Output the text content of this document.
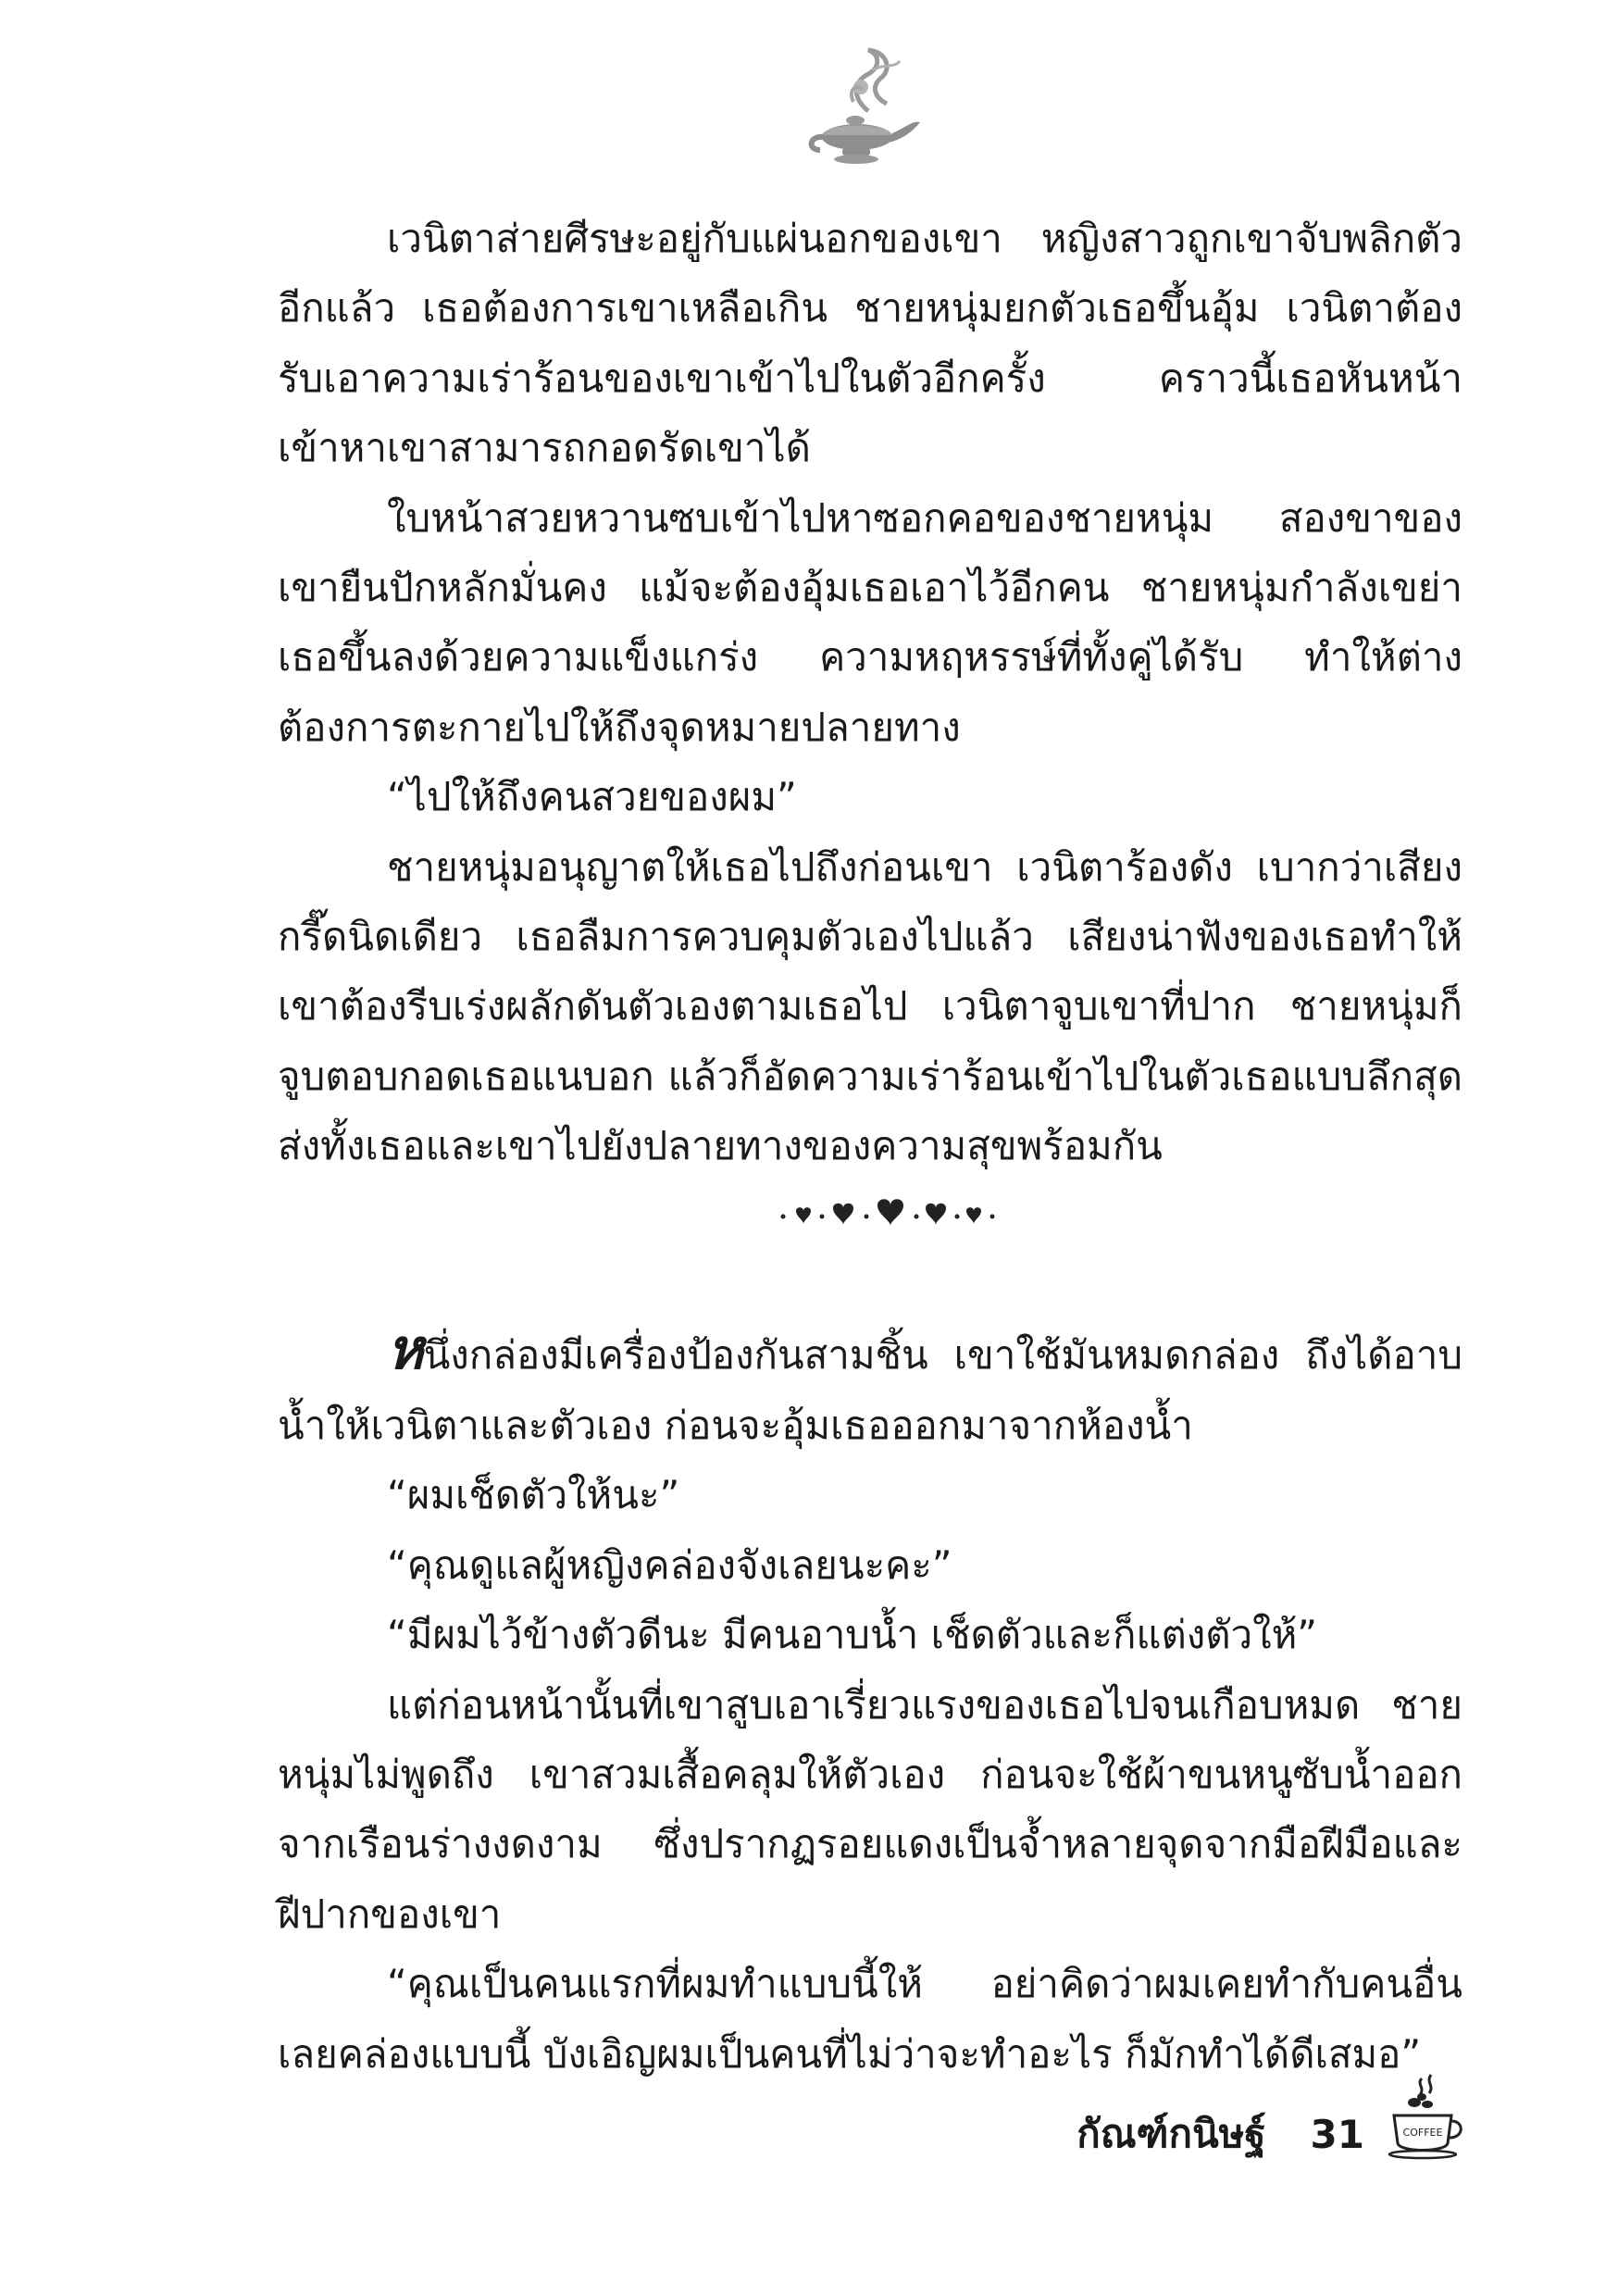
เวนิตาส่ายศีรษะอยู่กับแผ่นอกของเขา หญิงสาวถูกเขาจับพลิกตัวอีกแล้ว เธอต้องการเขาเหลือเกิน ชายหนุ่มยกตัวเธอขึ้นอุ้ม เวนิตาต้องรับเอาความเร่าร้อนของเขาเข้าไปในตัวอีกครั้ง คราวนี้เธอหันหน้าเข้าหาเขาสามารถกอดรัดเขาได้

ใบหน้าสวยหวานซบเข้าไปหาซอกคอของชายหนุ่ม สองขาของเขายืนปักหลักมั่นคง แม้จะต้องอุ้มเธอเอาไว้อีกคน ชายหนุ่มกำลังเขย่าเธอขึ้นลงด้วยความแข็งแกร่ง ความหฤหรรษ์ที่ทั้งคู่ได้รับ ทำให้ต่างต้องการตะกายไปให้ถึงจุดหมายปลายทาง

“ไปให้ถึงคนสวยของผม”

ชายหนุ่มอนุญาตให้เธอไปถึงก่อนเขา เวนิตาร้องดัง เบากว่าเสียงกรี๊ดนิดเดียว เธอลืมการควบคุมตัวเองไปแล้ว เสียงน่าฟังของเธอทำให้เขาต้องรีบเร่งผลักดันตัวเองตามเธอไป เวนิตาจูบเขาที่ปาก ชายหนุ่มก็จูบตอบกอดเธอแนบอก แล้วก็อัดความเร่าร้อนเข้าไปในตัวเธอแบบลึกสุด ส่งทั้งเธอและเขาไปยังปลายทางของความสุขพร้อมกัน

หนึ่งกล่องมีเครื่องป้องกันสามชิ้น เขาใช้มันหมดกล่อง ถึงได้อาบน้ำให้เวนิตาและตัวเอง ก่อนจะอุ้มเธอออกมาจากห้องน้ำ

“ผมเช็ดตัวให้นะ”

“คุณดูแลผู้หญิงคล่องจังเลยนะคะ”

“มีผมไว้ข้างตัวดีนะ มีคนอาบน้ำ เช็ดตัวและก็แต่งตัวให้”

แต่ก่อนหน้านั้นที่เขาสูบเอาเรี่ยวแรงของเธอไปจนเกือบหมด ชายหนุ่มไม่พูดถึง เขาสวมเสื้อคลุมให้ตัวเอง ก่อนจะใช้ผ้าขนหนูซับน้ำออกจากเรือนร่างงดงาม ซึ่งปรากฏรอยแดงเป็นจ้ำหลายจุดจากมือฝีมือและฝีปากของเขา

“คุณเป็นคนแรกที่ผมทำแบบนี้ให้ อย่าคิดว่าผมเคยทำกับคนอื่นเลยคล่องแบบนี้ บังเอิญผมเป็นคนที่ไม่ว่าจะทำอะไร ก็มักทำได้ดีเสมอ”

กัณฑ์กนิษฐ์ 31	COFFEE
